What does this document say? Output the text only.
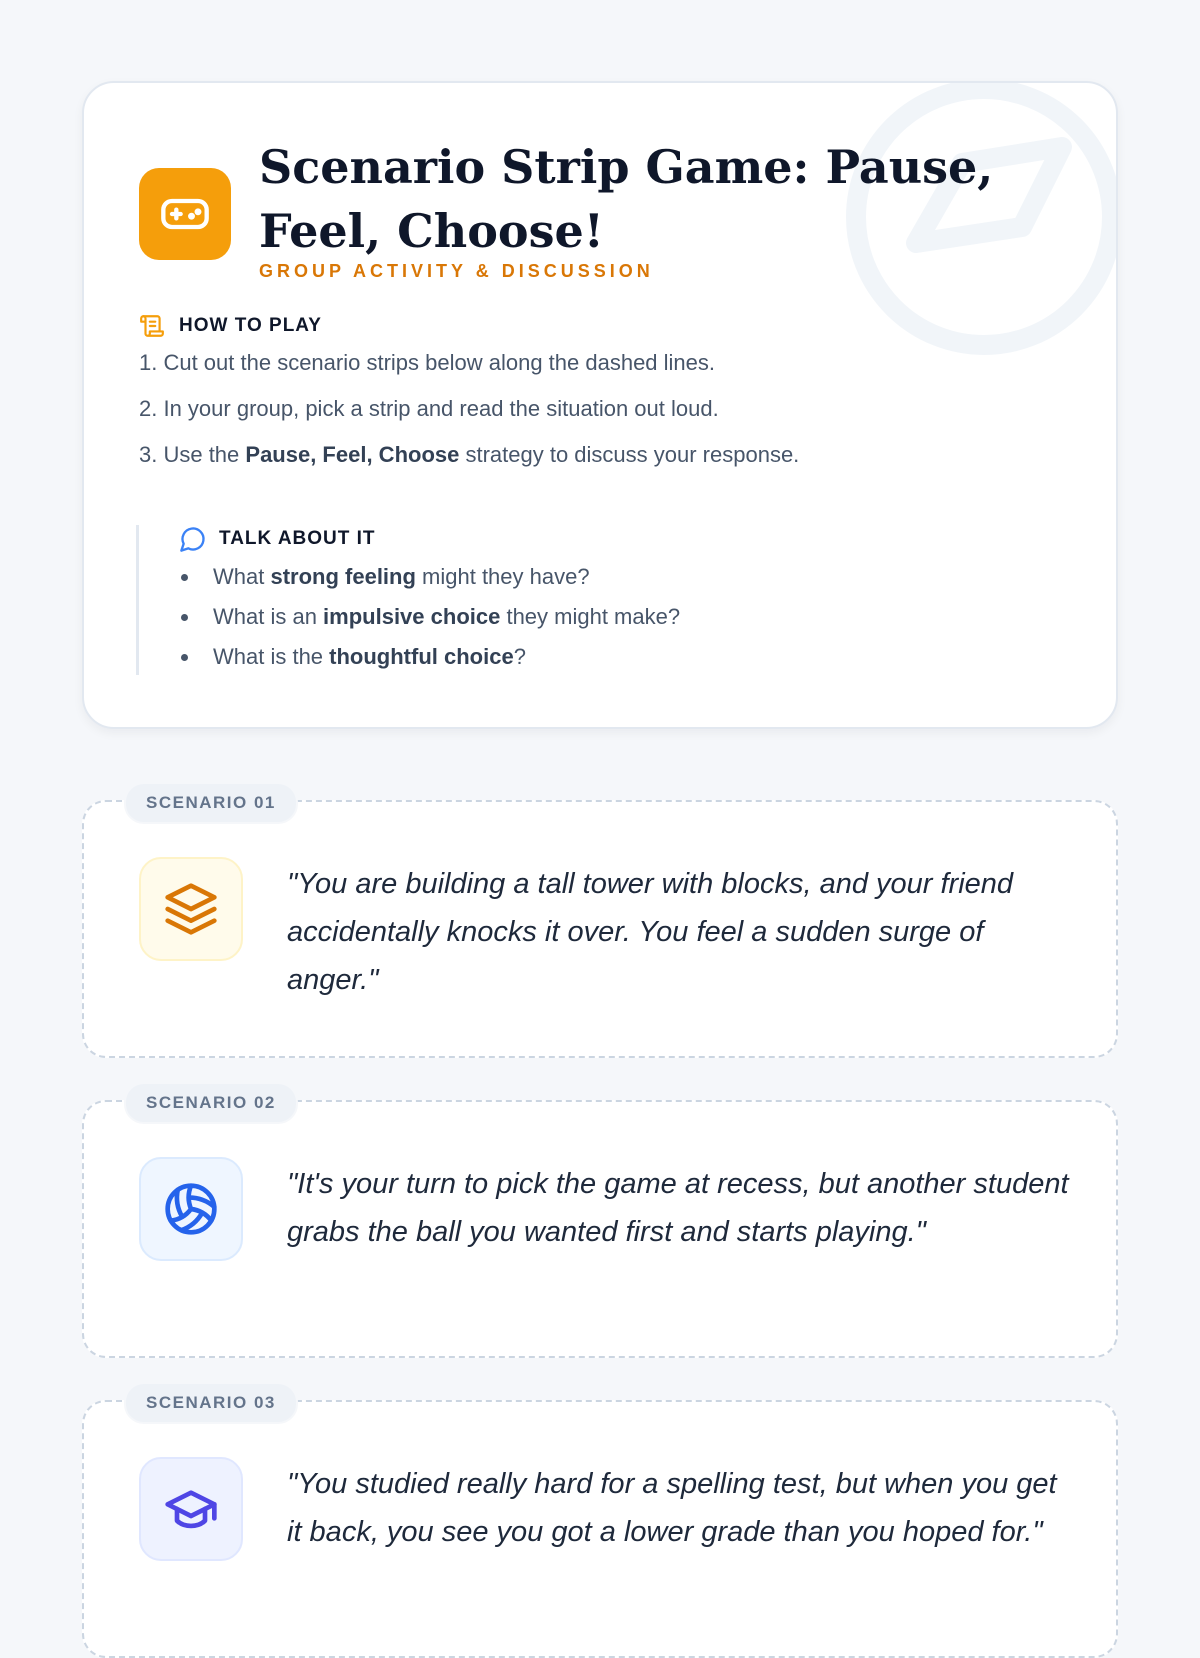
Scenario Strip Game: Pause, Feel, Choose!
GROUP ACTIVITY & DISCUSSION
HOW TO PLAY
1. Cut out the scenario strips below along the dashed lines.
2. In your group, pick a strip and read the situation out loud.
3. Use the Pause, Feel, Choose strategy to discuss your response.
TALK ABOUT IT
What strong feeling might they have?
What is an impulsive choice they might make?
What is the thoughtful choice?
SCENARIO 01
"You are building a tall tower with blocks, and your friend accidentally knocks it over. You feel a sudden surge of anger."
SCENARIO 02
"It's your turn to pick the game at recess, but another student grabs the ball you wanted first and starts playing."
SCENARIO 03
"You studied really hard for a spelling test, but when you get it back, you see you got a lower grade than you hoped for."
